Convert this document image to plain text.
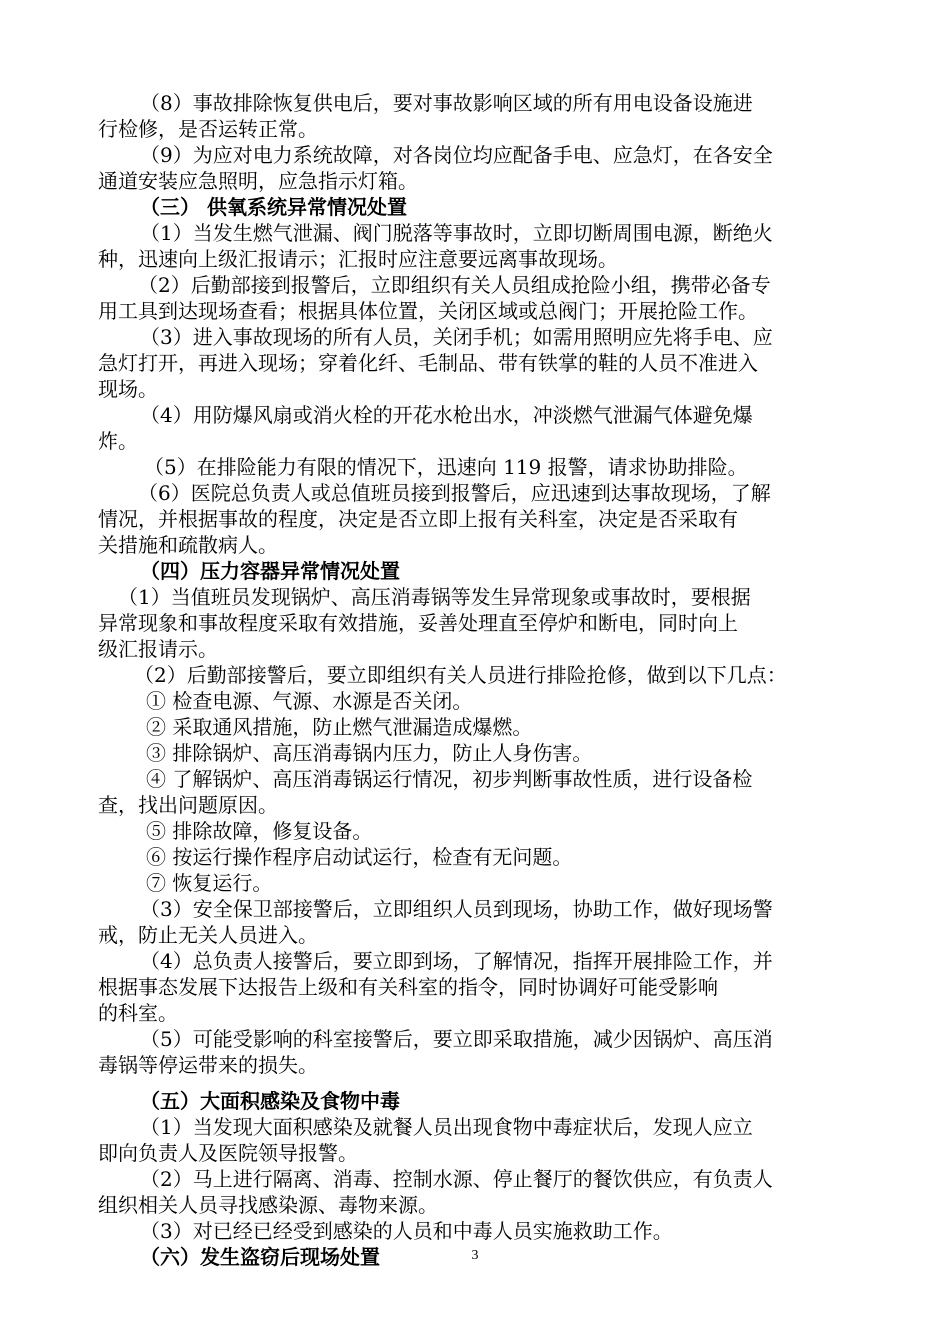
（8）事故排除恢复供电后，要对事故影响区域的所有用电设备设施进
行检修，是否运转正常。
（9）为应对电力系统故障，对各岗位均应配备手电、应急灯，在各安全
通道安装应急照明，应急指示灯箱。
（三） 供氧系统异常情况处置
（1）当发生燃气泄漏、阀门脱落等事故时，立即切断周围电源，断绝火
种，迅速向上级汇报请示；汇报时应注意要远离事故现场。
（2）后勤部接到报警后，立即组织有关人员组成抢险小组，携带必备专
用工具到达现场查看；根据具体位置，关闭区域或总阀门；开展抢险工作。
（3）进入事故现场的所有人员，关闭手机；如需用照明应先将手电、应
急灯打开，再进入现场；穿着化纤、毛制品、带有铁掌的鞋的人员不准进入
现场。
（4）用防爆风扇或消火栓的开花水枪出水，冲淡燃气泄漏气体避免爆
炸。
（5）在排险能力有限的情况下，迅速向 119 报警，请求协助排险。
（6）医院总负责人或总值班员接到报警后，应迅速到达事故现场，了解
情况，并根据事故的程度，决定是否立即上报有关科室，决定是否采取有
关措施和疏散病人。
（四）压力容器异常情况处置
（1）当值班员发现锅炉、高压消毒锅等发生异常现象或事故时，要根据
异常现象和事故程度采取有效措施，妥善处理直至停炉和断电，同时向上
级汇报请示。
（2）后勤部接警后，要立即组织有关人员进行排险抢修，做到以下几点：
① 检查电源、气源、水源是否关闭。
② 采取通风措施，防止燃气泄漏造成爆燃。
③ 排除锅炉、高压消毒锅内压力，防止人身伤害。
④ 了解锅炉、高压消毒锅运行情况，初步判断事故性质，进行设备检
查，找出问题原因。
⑤ 排除故障，修复设备。
⑥ 按运行操作程序启动试运行，检查有无问题。
⑦ 恢复运行。
（3）安全保卫部接警后，立即组织人员到现场，协助工作，做好现场警
戒，防止无关人员进入。
（4）总负责人接警后，要立即到场，了解情况，指挥开展排险工作，并
根据事态发展下达报告上级和有关科室的指令，同时协调好可能受影响
的科室。
（5）可能受影响的科室接警后，要立即采取措施，减少因锅炉、高压消
毒锅等停运带来的损失。
（五）大面积感染及食物中毒
（1）当发现大面积感染及就餐人员出现食物中毒症状后，发现人应立
即向负责人及医院领导报警。
（2）马上进行隔离、消毒、控制水源、停止餐厅的餐饮供应，有负责人
组织相关人员寻找感染源、毒物来源。
（3）对已经已经受到感染的人员和中毒人员实施救助工作。
（六）发生盗窃后现场处置	3
